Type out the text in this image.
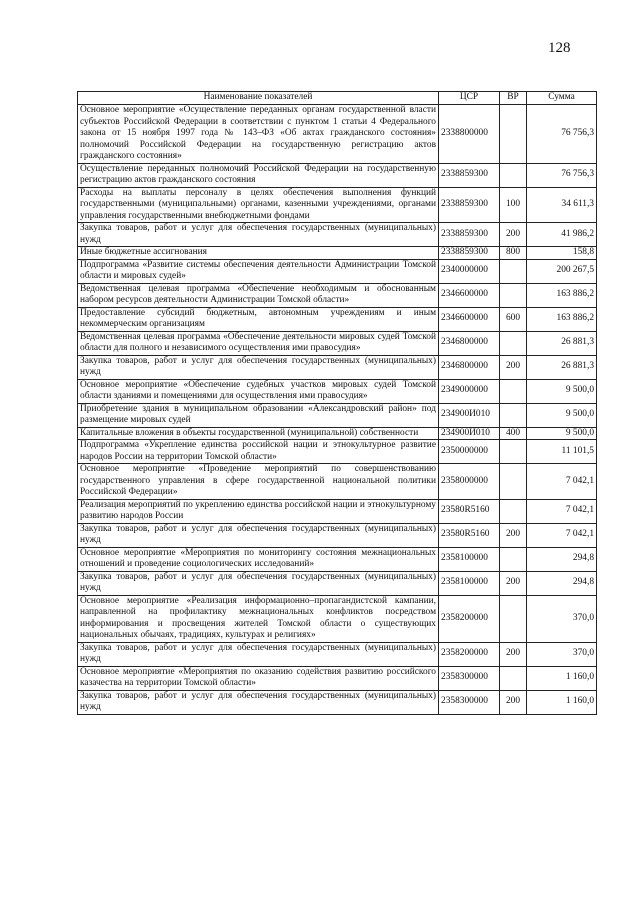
128
Наименование показателей	ЦСР	ВР	Сумма
Основное мероприятие «Осуществление переданных органам государственной власти субъектов Российской Федерации в соответствии с пунктом 1 статьи 4 Федерального закона от 15 ноября 1997 года № 143–ФЗ «Об актах гражданского состояния» полномочий Российской Федерации на государственную регистрацию актов гражданского состояния»	2338800000		76 756,3
Осуществление переданных полномочий Российской Федерации на государственную регистрацию актов гражданского состояния	2338859300		76 756,3
Расходы на выплаты персоналу в целях обеспечения выполнения функций государственными (муниципальными) органами, казенными учреждениями, органами управления государственными внебюджетными фондами	2338859300	100	34 611,3
Закупка товаров, работ и услуг для обеспечения государственных (муниципальных) нужд	2338859300	200	41 986,2
Иные бюджетные ассигнования	2338859300	800	158,8
Подпрограмма «Развитие системы обеспечения деятельности Администрации Томской области и мировых судей»	2340000000		200 267,5
Ведомственная целевая программа «Обеспечение необходимым и обоснованным набором ресурсов деятельности Администрации Томской области»	2346600000		163 886,2
Предоставление субсидий бюджетным, автономным учреждениям и иным некоммерческим организациям	2346600000	600	163 886,2
Ведомственная целевая программа «Обеспечение деятельности мировых судей Томской области для полного и независимого осуществления ими правосудия»	2346800000		26 881,3
Закупка товаров, работ и услуг для обеспечения государственных (муниципальных) нужд	2346800000	200	26 881,3
Основное мероприятие «Обеспечение судебных участков мировых судей Томской области зданиями и помещениями для осуществления ими правосудия»	2349000000		9 500,0
Приобретение здания в муниципальном образовании «Александровский район» под размещение мировых судей	234900И010		9 500,0
Капитальные вложения в объекты государственной (муниципальной) собственности	234900И010	400	9 500,0
Подпрограмма «Укрепление единства российской нации и этнокультурное развитие народов России на территории Томской области»	2350000000		11 101,5
Основное мероприятие «Проведение мероприятий по совершенствованию государственного управления в сфере государственной национальной политики Российской Федерации»	2358000000		7 042,1
Реализация мероприятий по укреплению единства российской нации и этнокультурному развитию народов России	23580R5160		7 042,1
Закупка товаров, работ и услуг для обеспечения государственных (муниципальных) нужд	23580R5160	200	7 042,1
Основное мероприятие «Мероприятия по мониторингу состояния межнациональных отношений и проведение социологических исследований»	2358100000		294,8
Закупка товаров, работ и услуг для обеспечения государственных (муниципальных) нужд	2358100000	200	294,8
Основное мероприятие «Реализация информационно–пропагандистской кампании, направленной на профилактику межнациональных конфликтов посредством информирования и просвещения жителей Томской области о существующих национальных обычаях, традициях, культурах и религиях»	2358200000		370,0
Закупка товаров, работ и услуг для обеспечения государственных (муниципальных) нужд	2358200000	200	370,0
Основное мероприятие «Мероприятия по оказанию содействия развитию российского казачества на территории Томской области»	2358300000		1 160,0
Закупка товаров, работ и услуг для обеспечения государственных (муниципальных) нужд	2358300000	200	1 160,0
